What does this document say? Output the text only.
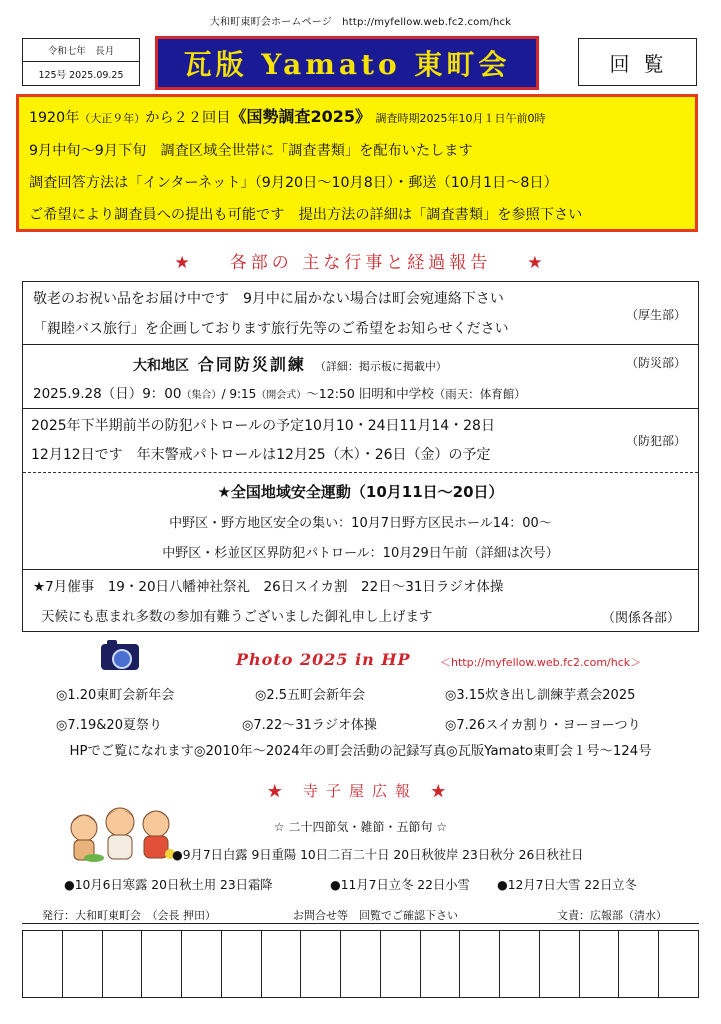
大和町東町会ホームページ　http://myfellow.web.fc2.com/hck
令和七年　長月
125号 2025.09.25	瓦版 Yamato 東町会	回覧
1920年（大正９年）から２２回目《国勢調査2025》 調査時期2025年10月１日午前0時
9月中旬～9月下旬　調査区域全世帯に「調査書類」を配布いたします
調査回答方法は「インターネット」（9月20日～10月8日）・郵送（10月1日～8日）
ご希望により調査員への提出も可能です　提出方法の詳細は「調査書類」を参照下さい
★ 各部の 主な行事と経過報告 ★
敬老のお祝い品をお届け中です　9月中に届かない場合は町会宛連絡下さい
「親睦バス旅行」を企画しております旅行先等のご希望をお知らせください
（厚生部）
大和地区 合同防災訓練 （詳細：掲示板に掲載中）	（防災部）
2025.9.28（日）9：00（集合）/ 9:15（開会式）～12:50 旧明和中学校（雨天：体育館）
2025年下半期前半の防犯パトロールの予定10月10・24日11月14・28日
12月12日です　年末警戒パトロールは12月25（木）・26日（金）の予定
（防犯部）
★全国地域安全運動（10月11日～20日）
中野区・野方地区安全の集い：10月7日野方区民ホール14：00～
中野区・杉並区区界防犯パトロール：10月29日午前（詳細は次号）
★7月催事　19・20日八幡神社祭礼　26日スイカ割　22日～31日ラジオ体操
天候にも恵まれ多数の参加有難うございました御礼申し上げます	（関係各部）
Photo 2025 in HP	＜http://myfellow.web.fc2.com/hck＞
◎1.20東町会新年会	◎2.5五町会新年会	◎3.15炊き出し訓練芋煮会2025
◎7.19&20夏祭り	◎7.22～31ラジオ体操	◎7.26スイカ割り・ヨーヨーつり
HPでご覧になれます◎2010年～2024年の町会活動の記録写真◎瓦版Yamato東町会１号～124号
★ 寺子屋広報 ★
☆ 二十四節気・雑節・五節句 ☆
●9月7日白露 9日重陽 10日二百二十日 20日秋彼岸 23日秋分 26日秋社日
●10月6日寒露 20日秋土用 23日霜降	●11月7日立冬 22日小雪 ●12月7日大雪 22日立冬
発行：大和町東町会　（会長 押田）	お問合せ等　回覧でご確認下さい	文責：広報部（清水）
